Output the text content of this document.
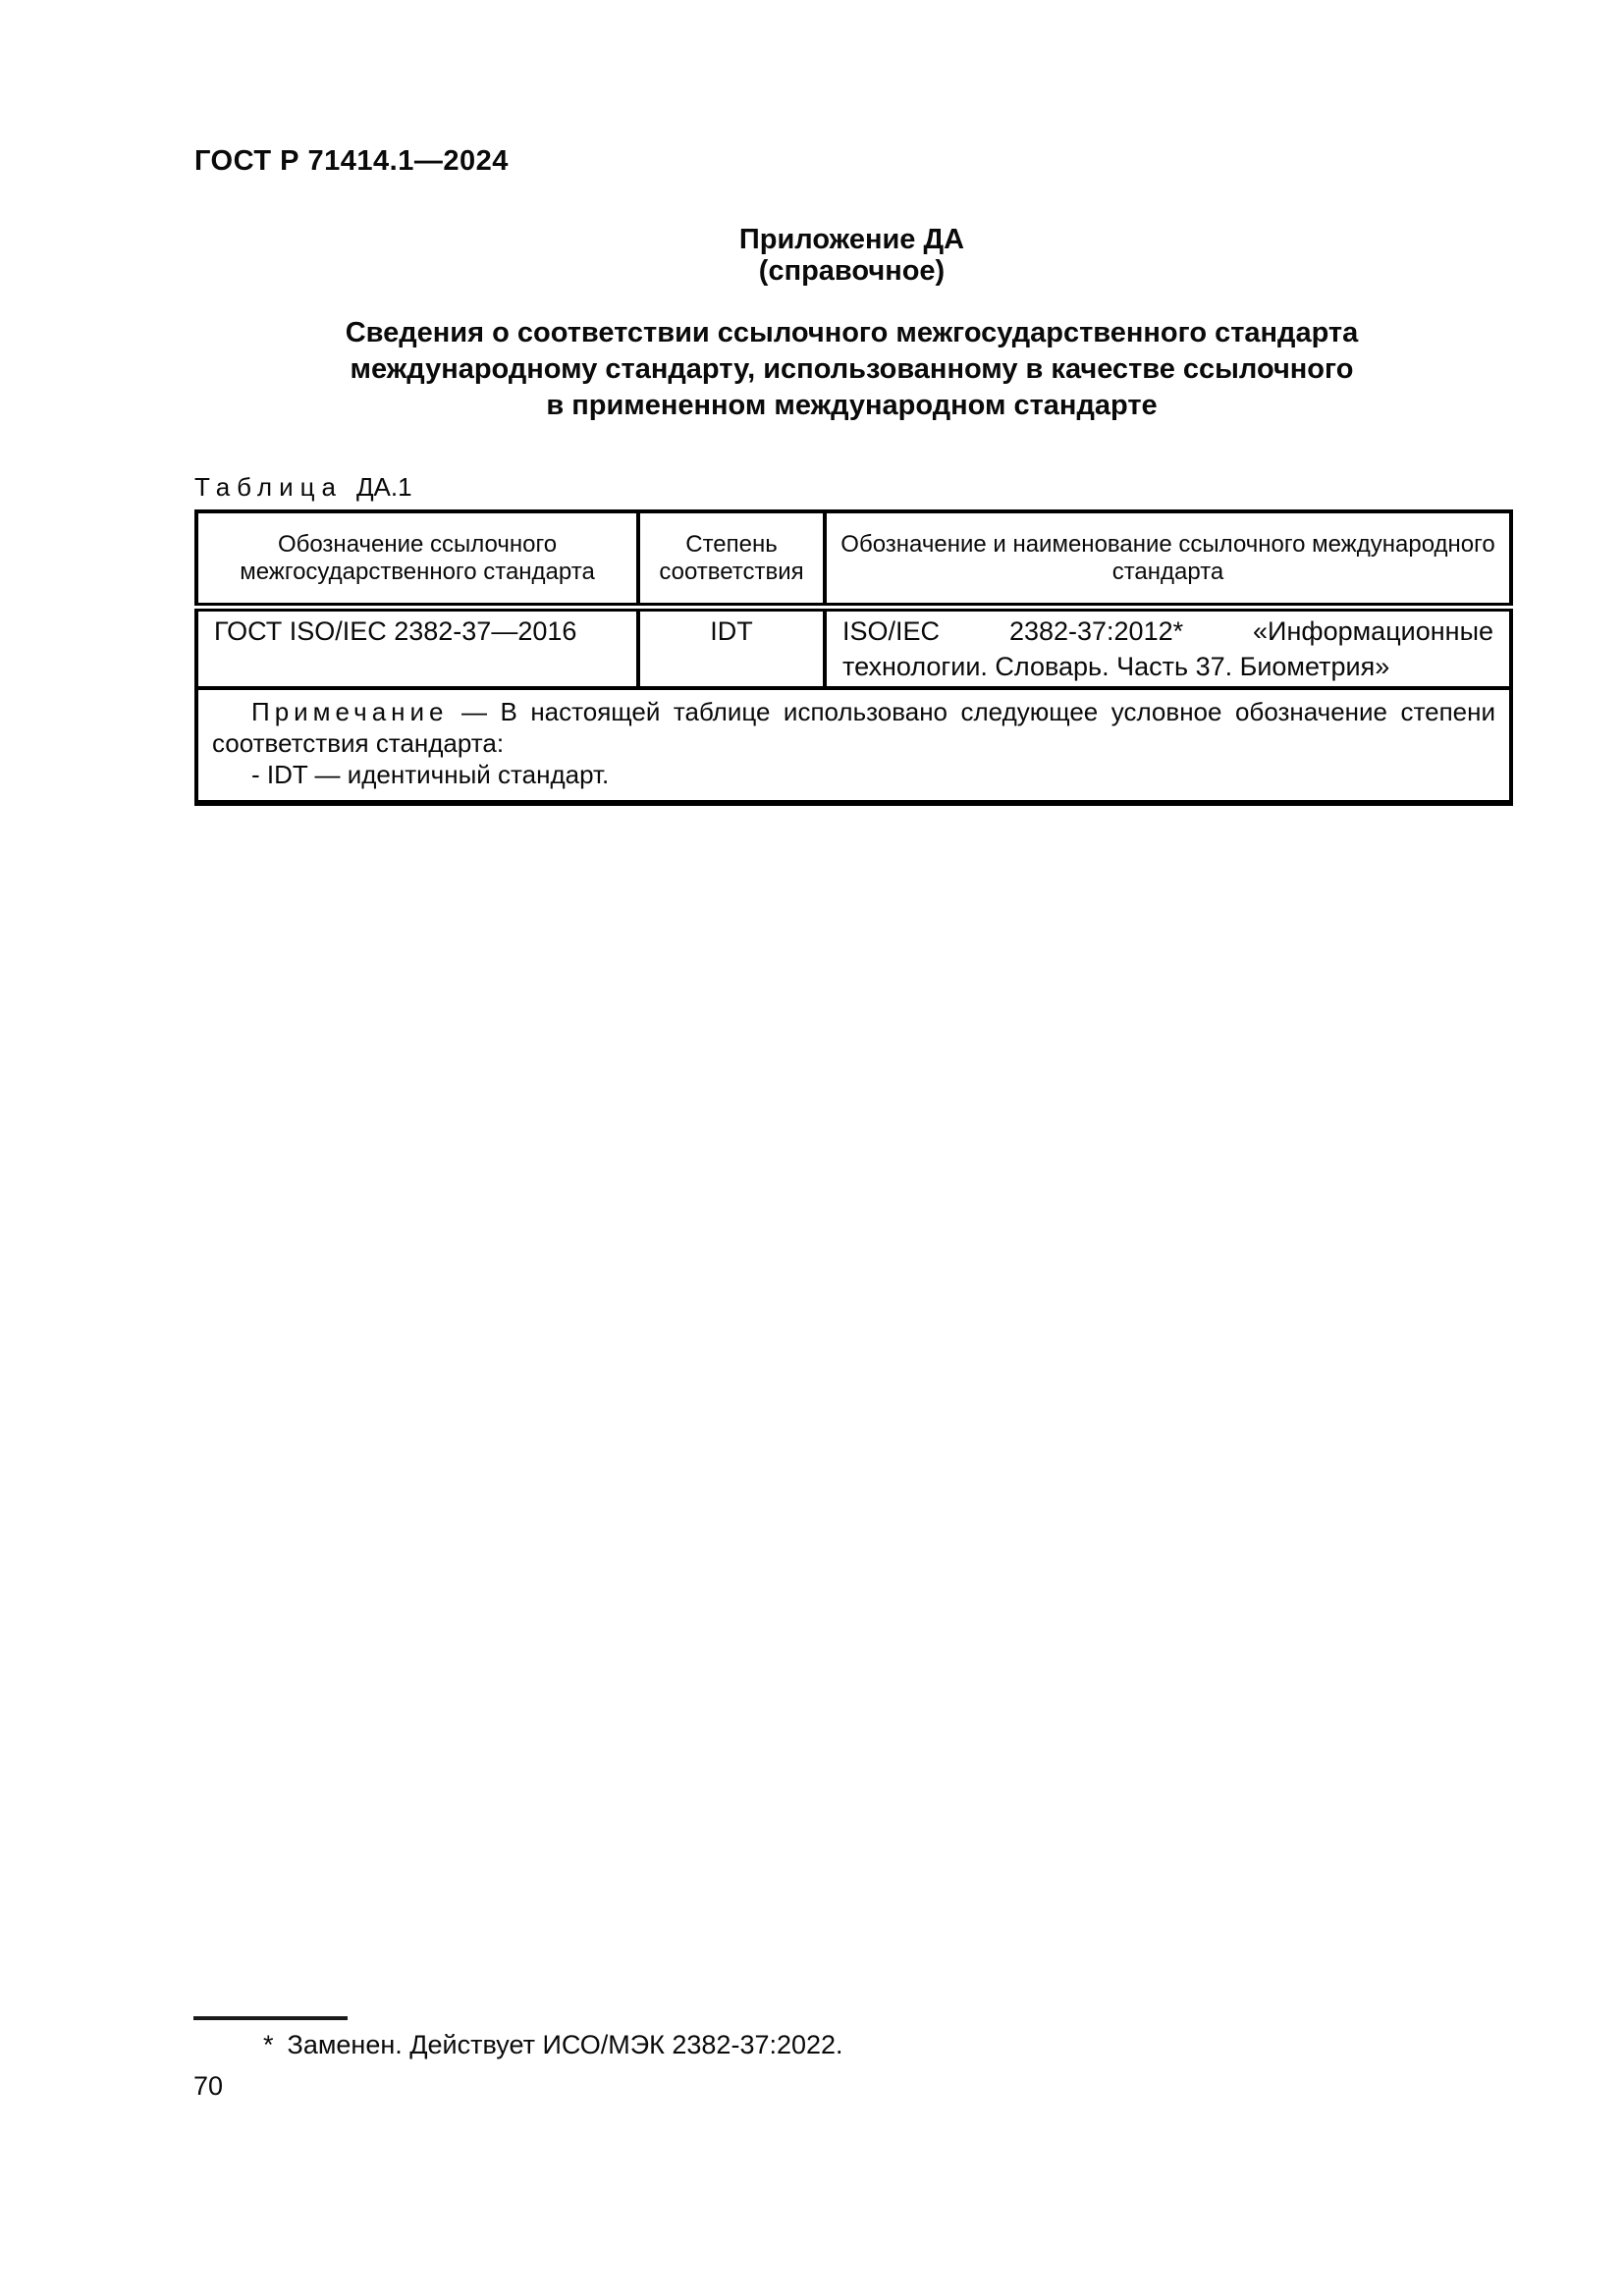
ГОСТ Р 71414.1—2024
Приложение ДА
(справочное)
Сведения о соответствии ссылочного межгосударственного стандарта
международному стандарту, использованному в качестве ссылочного
в примененном международном стандарте
Таблица ДА.1
Обозначение ссылочного межгосударственного стандарта	Степень соответствия	Обозначение и наименование ссылочного международного стандарта
ГОСТ ISO/IEC 2382-37—2016	IDT	ISO/IEC 2382-37:2012* «Информационные технологии. Словарь. Часть 37. Биометрия»

Примечание — В настоящей таблице использовано следующее условное обозначение степени соответствия стандарта:

- IDT — идентичный стандарт.		

* Заменен. Действует ИСО/МЭК 2382-37:2022.
70
